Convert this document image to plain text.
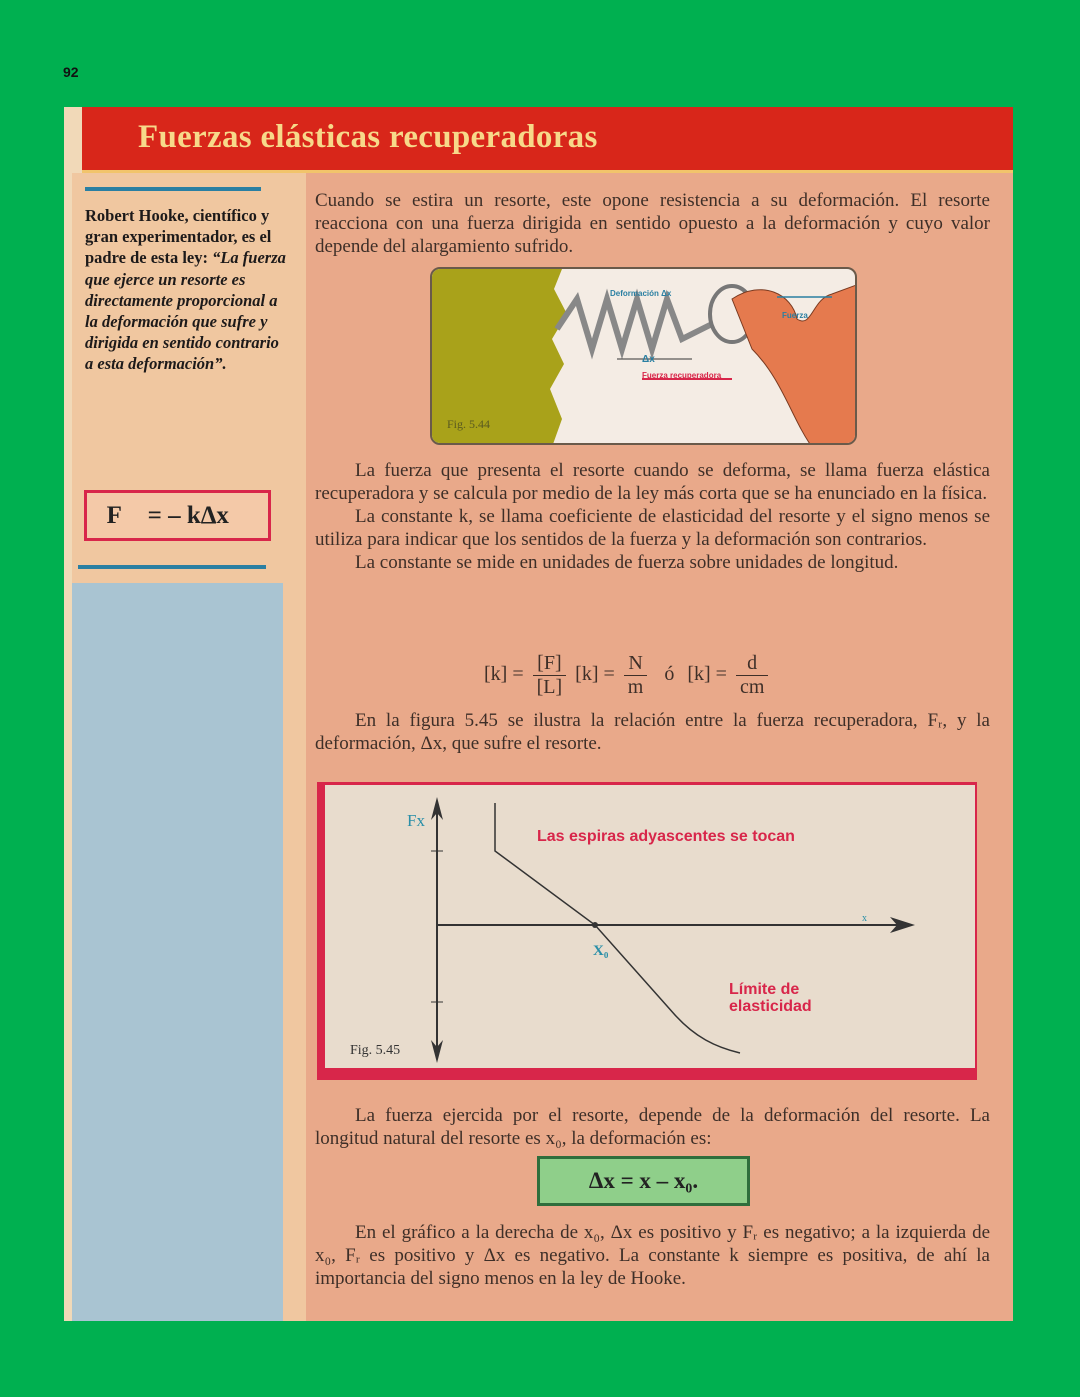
92
Fuerzas elásticas recuperadoras
Robert Hooke, científico y gran experimentador, es el padre de esta ley: “La fuerza que ejerce un resorte es directamente proporcional a la deformación que sufre y dirigida en sentido contrario a esta deformación”.
F⃗ = – kΔx⃗

Cuando se estira un resorte, este opone resistencia a su deformación. El resorte reacciona con una fuerza dirigida en sentido opuesto a la deformación y cuyo valor depende del alargamiento sufrido.

Deformación Δx
Fuerza
Δx
Fuerza recuperadora
Fig. 5.44

La fuerza que presenta el resorte cuando se deforma, se llama fuerza elástica recuperadora y se calcula por medio de la ley más corta que se ha enunciado en la física.

La constante k, se llama coeficiente de elasticidad del resorte y el signo menos se utiliza para indicar que los sentidos de la fuerza y la deformación son contrarios.

La constante se mide en unidades de fuerza sobre unidades de longitud.

$[k] = \frac{[F]}{[L]} [k] = \frac{N}{m}$ ó $[k] = \frac{d}{cm}$

En la figura 5.45 se ilustra la relación entre la fuerza recuperadora, Fᵣ, y la deformación, Δx, que sufre el resorte.

Fx
x
X₀
Las espiras adyascentes se tocan
Límite de
elasticidad
Fig. 5.45

La fuerza ejercida por el resorte, depende de la deformación del resorte. La longitud natural del resorte es x₀, la deformación es:

Δx = x – x₀.

En el gráfico a la derecha de x₀, Δx es positivo y Fᵣ es negativo; a la izquierda de x₀, Fᵣ es positivo y Δx es negativo. La constante k siempre es positiva, de ahí la importancia del signo menos en la ley de Hooke.
